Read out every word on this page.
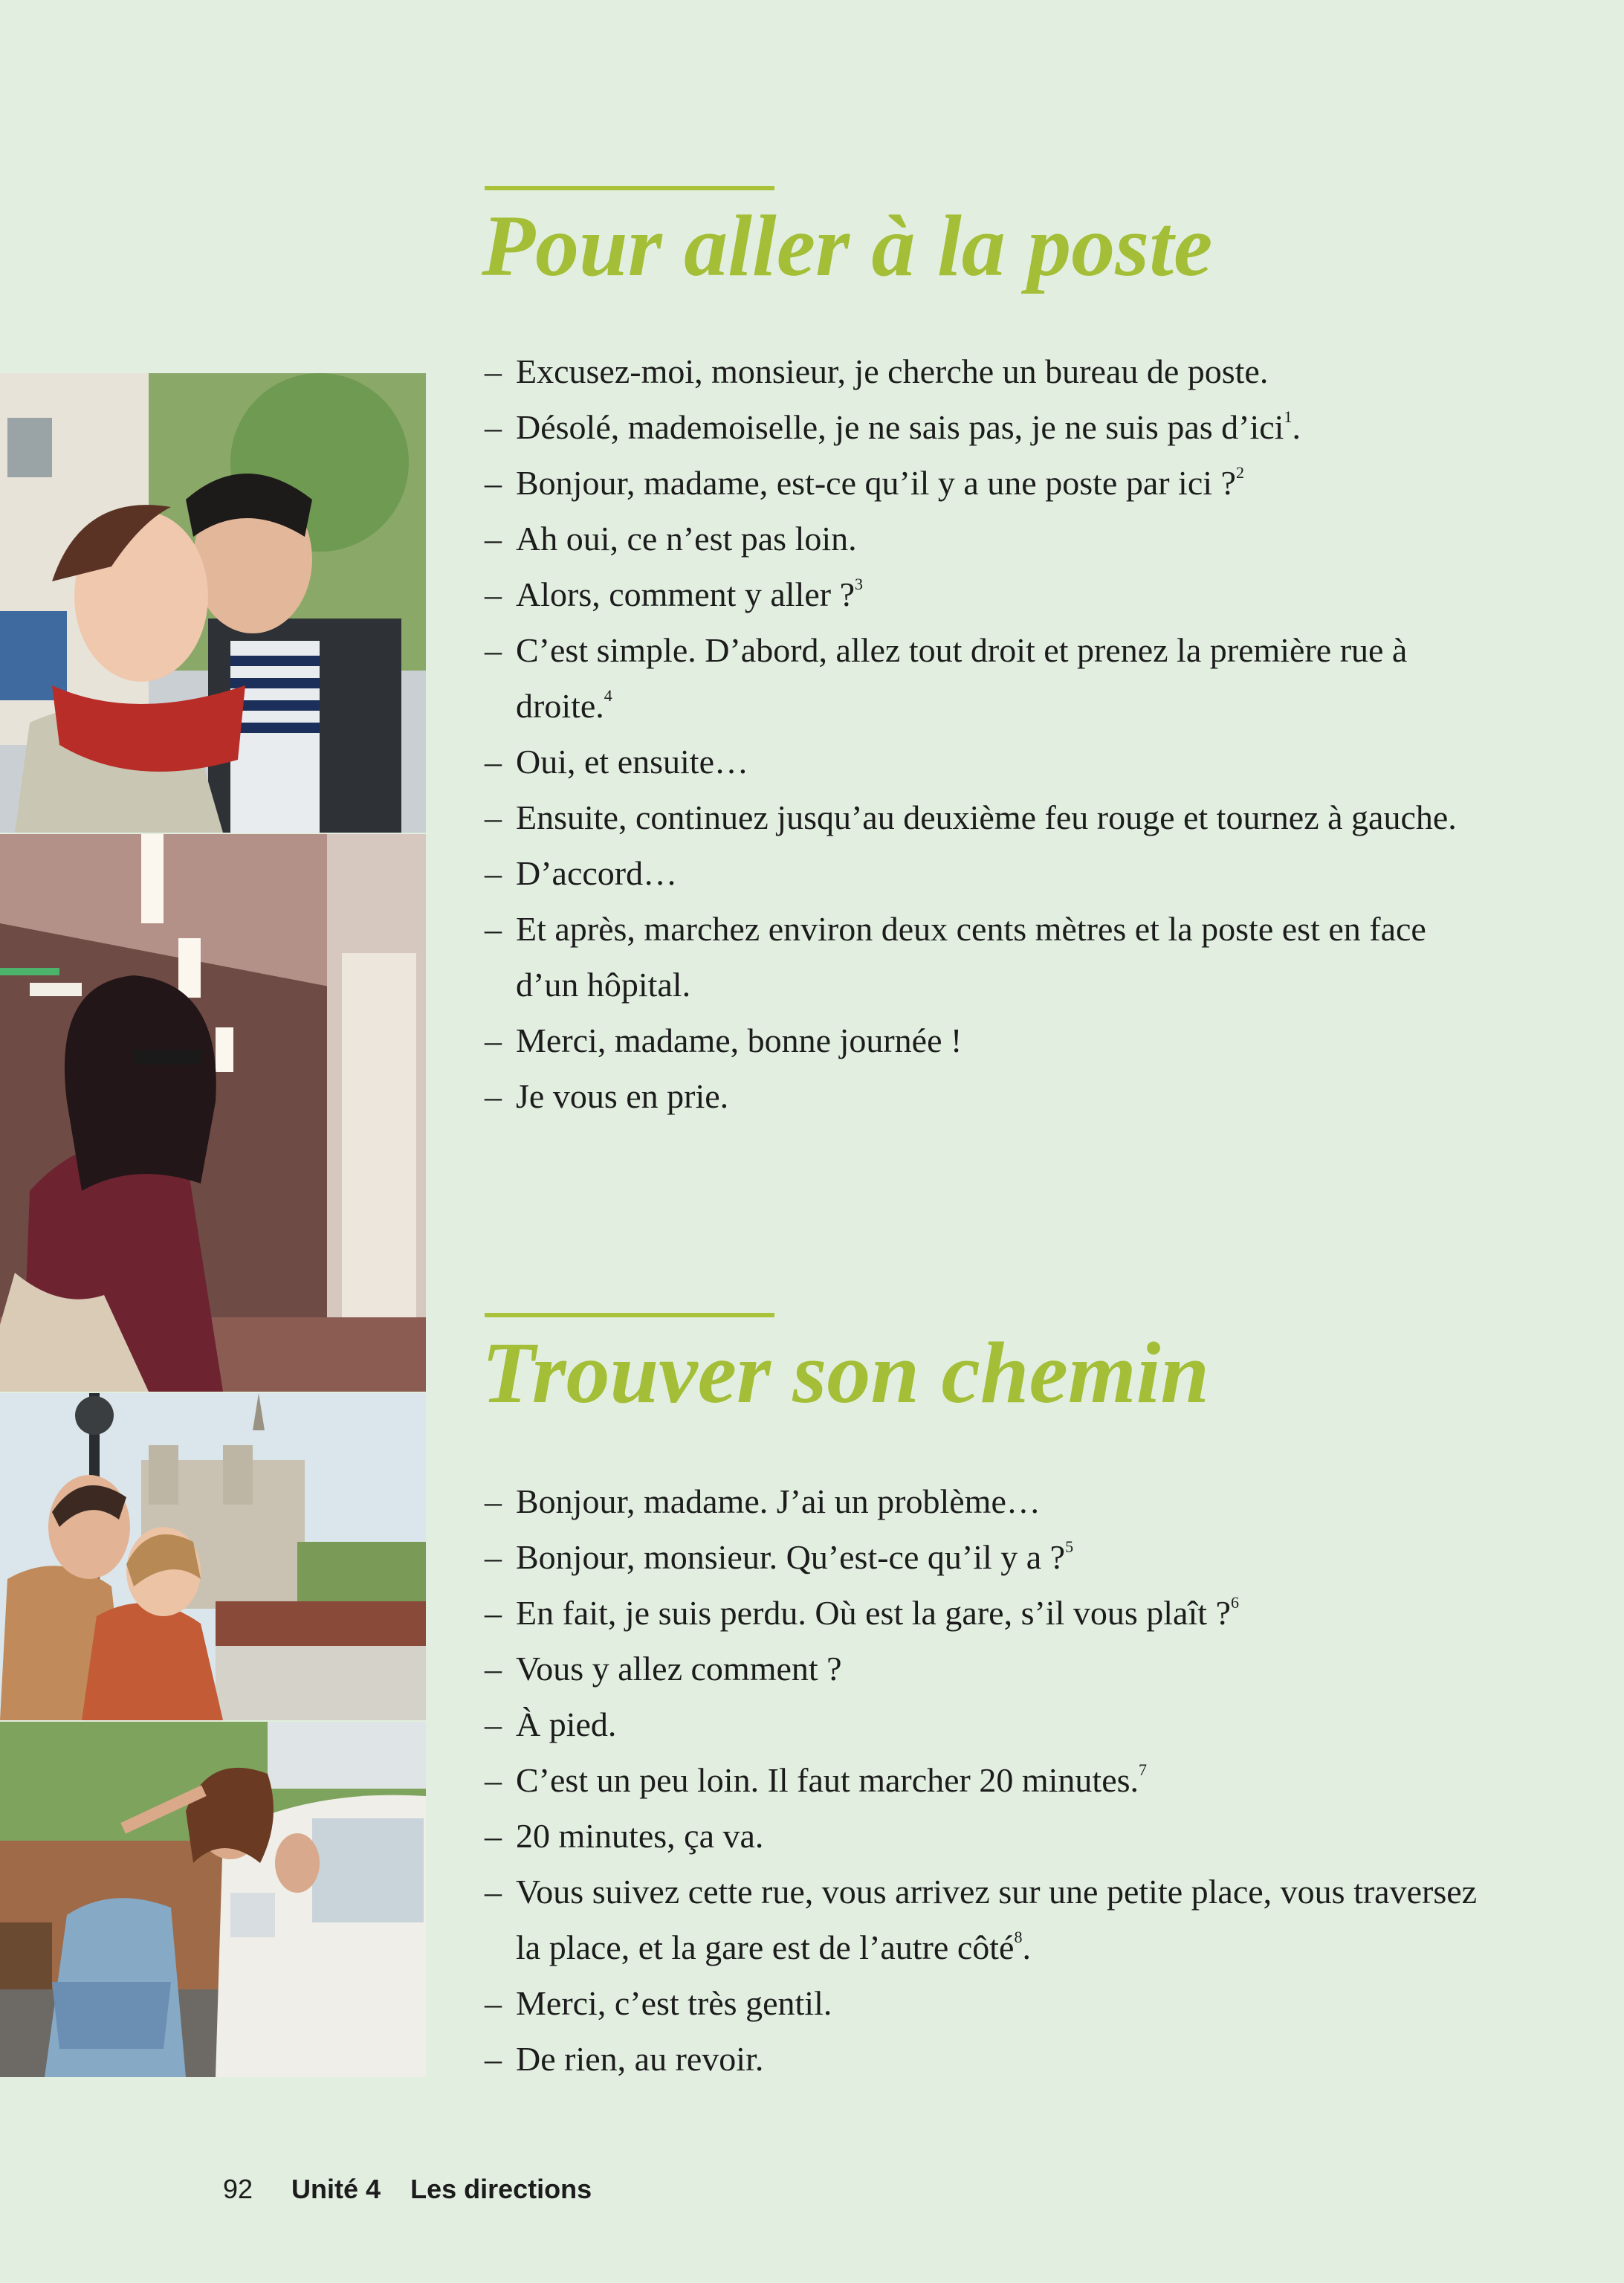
Pour aller à la poste
– Excusez-moi, monsieur, je cherche un bureau de poste.
– Désolé, mademoiselle, je ne sais pas, je ne suis pas d’ici$^1$.
– Bonjour, madame, est-ce qu’il y a une poste par ici ?$^2$
– Ah oui, ce n’est pas loin.
– Alors, comment y aller ?$^3$
– C’est simple. D’abord, allez tout droit et prenez la première rue à droite.$^4$
– Oui, et ensuite…
– Ensuite, continuez jusqu’au deuxième feu rouge et tournez à gauche.
– D’accord…
– Et après, marchez environ deux cents mètres et la poste est en face d’un hôpital.
– Merci, madame, bonne journée !
– Je vous en prie.
Trouver son chemin
– Bonjour, madame. J’ai un problème…
– Bonjour, monsieur. Qu’est-ce qu’il y a ?$^5$
– En fait, je suis perdu. Où est la gare, s’il vous plaît ?$^6$
– Vous y allez comment ?
– À pied.
– C’est un peu loin. Il faut marcher 20 minutes.$^7$
– 20 minutes, ça va.
– Vous suivez cette rue, vous arrivez sur une petite place, vous traversez la place, et la gare est de l’autre côté$^8$.
– Merci, c’est très gentil.
– De rien, au revoir.
92 Unité 4 Les directions
